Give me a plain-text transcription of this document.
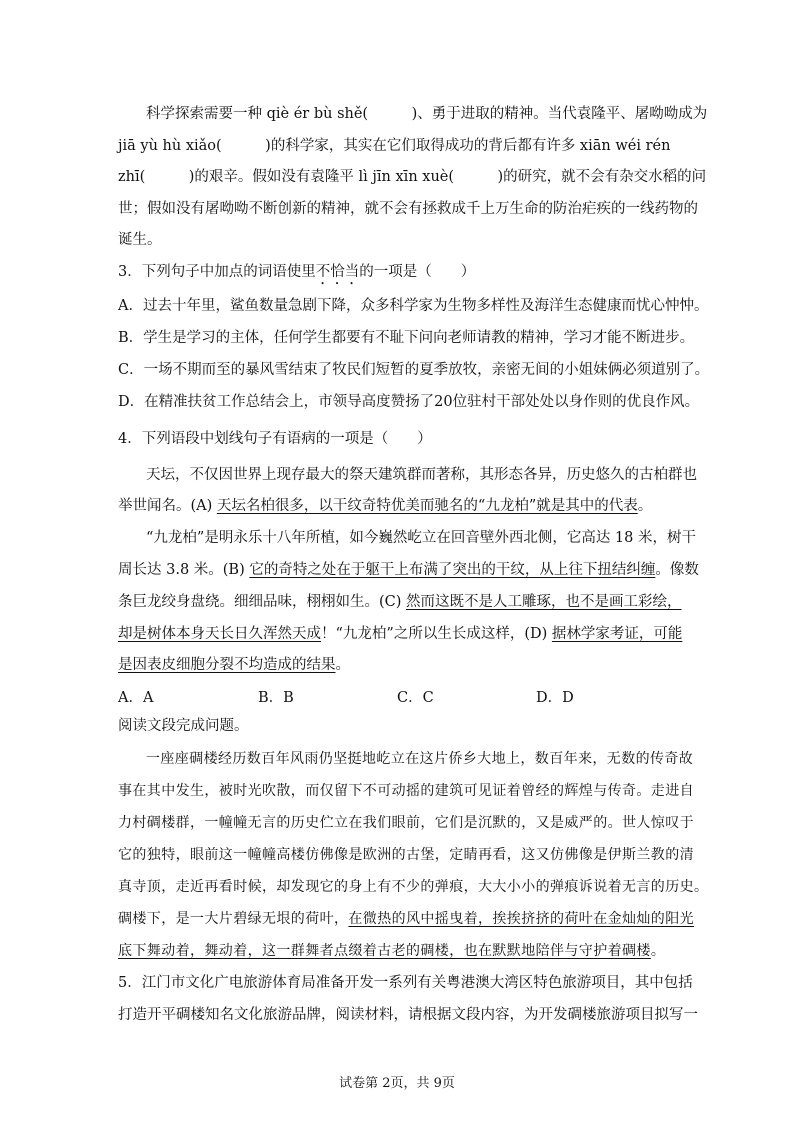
科学探索需要一种 qiè ér bù shě(　　　)、勇于进取的精神。当代袁隆平、屠呦呦成为
jiā yù hù xiǎo(　　　)的科学家，其实在它们取得成功的背后都有许多 xiān wéi rén
zhī(　　　)的艰辛。假如没有袁隆平 lì jīn xīn xuè(　　　)的研究，就不会有杂交水稻的问
世；假如没有屠呦呦不断创新的精神，就不会有拯救成千上万生命的防治疟疾的一线药物的
诞生。
3．下列句子中加点的词语使里不恰当的一项是（　　）
A．过去十年里，鲨鱼数量急剧下降，众多科学家为生物多样性及海洋生态健康而忧心忡忡。
B．学生是学习的主体，任何学生都要有不耻下问向老师请教的精神，学习才能不断进步。
C．一场不期而至的暴风雪结束了牧民们短暂的夏季放牧，亲密无间的小姐妹俩必须道别了。
D．在精准扶贫工作总结会上，市领导高度赞扬了20位驻村干部处处以身作则的优良作风。
4．下列语段中划线句子有语病的一项是（　　）
天坛，不仅因世界上现存最大的祭天建筑群而著称，其形态各异，历史悠久的古柏群也
举世闻名。(A) 天坛名柏很多，以干纹奇特优美而驰名的“九龙柏”就是其中的代表。
“九龙柏”是明永乐十八年所植，如今巍然屹立在回音壁外西北侧，它高达 18 米，树干
周长达 3.8 米。(B) 它的奇特之处在于躯干上布满了突出的干纹，从上往下扭结纠缠。像数
条巨龙绞身盘绕。细细品味，栩栩如生。(C) 然而这既不是人工雕琢，也不是画工彩绘，
却是树体本身天长日久浑然天成！“九龙柏”之所以生长成这样，(D) 据林学家考证，可能
是因表皮细胞分裂不均造成的结果。
A．A	B．B	C．C	D．D
阅读文段完成问题。
一座座碉楼经历数百年风雨仍坚挺地屹立在这片侨乡大地上，数百年来，无数的传奇故
事在其中发生，被时光吹散，而仅留下不可动摇的建筑可见证着曾经的辉煌与传奇。走进自
力村碉楼群，一幢幢无言的历史伫立在我们眼前，它们是沉默的，又是威严的。世人惊叹于
它的独特，眼前这一幢幢高楼仿佛像是欧洲的古堡，定睛再看，这又仿佛像是伊斯兰教的清
真寺顶，走近再看时候，却发现它的身上有不少的弹痕，大大小小的弹痕诉说着无言的历史。
碉楼下，是一大片碧绿无垠的荷叶，在微热的风中摇曳着，挨挨挤挤的荷叶在金灿灿的阳光
底下舞动着，舞动着，这一群舞者点缀着古老的碉楼，也在默默地陪伴与守护着碉楼。
5．江门市文化广电旅游体育局准备开发一系列有关粤港澳大湾区特色旅游项目，其中包括
打造开平碉楼知名文化旅游品牌，阅读材料，请根据文段内容，为开发碉楼旅游项目拟写一
试卷第 2页，共 9页
